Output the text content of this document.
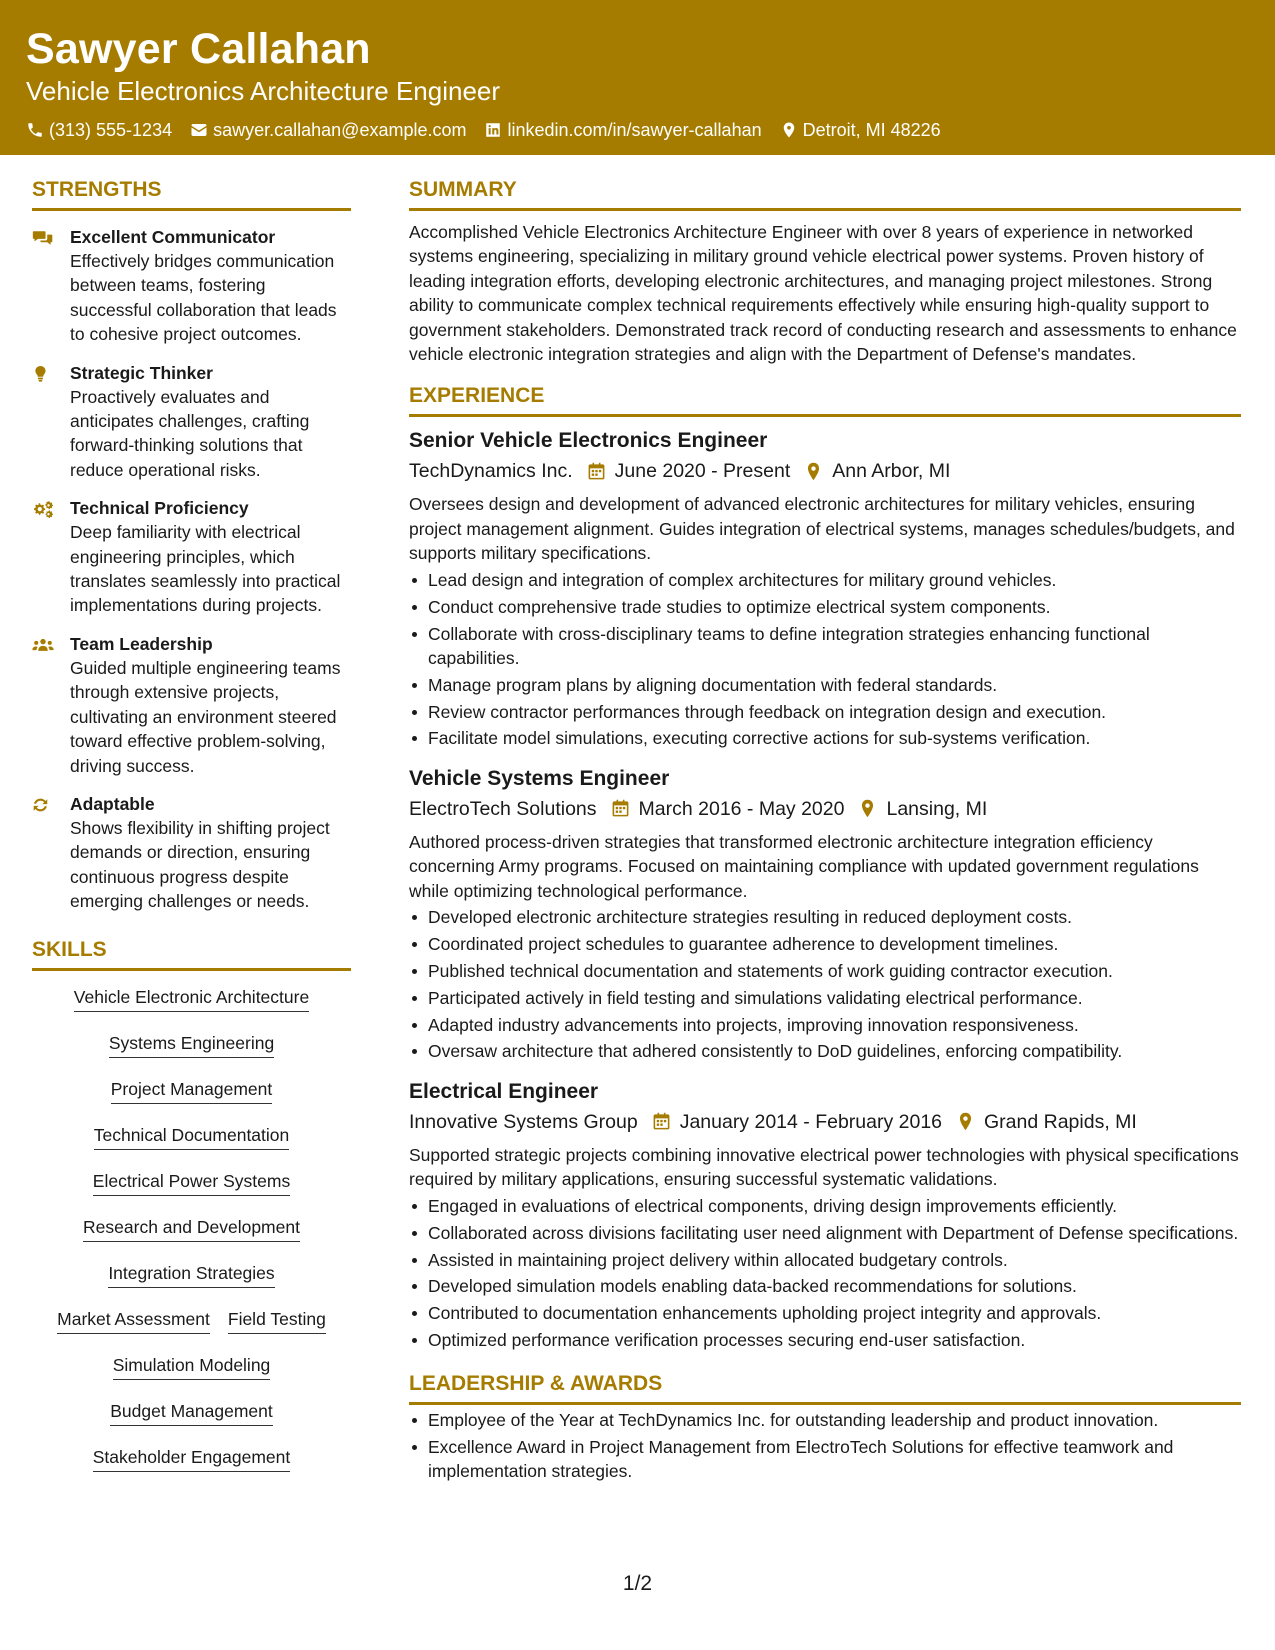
Sawyer Callahan
Vehicle Electronics Architecture Engineer
(313) 555-1234 sawyer.callahan@example.com linkedin.com/in/sawyer-callahan Detroit, MI 48226
STRENGTHS
Excellent Communicator
Effectively bridges communication between teams, fostering successful collaboration that leads to cohesive project outcomes.
Strategic Thinker
Proactively evaluates and anticipates challenges, crafting forward-thinking solutions that reduce operational risks.
Technical Proficiency
Deep familiarity with electrical engineering principles, which translates seamlessly into practical implementations during projects.
Team Leadership
Guided multiple engineering teams through extensive projects, cultivating an environment steered toward effective problem-solving, driving success.
Adaptable
Shows flexibility in shifting project demands or direction, ensuring continuous progress despite emerging challenges or needs.
SKILLS
Vehicle Electronic Architecture
Systems Engineering
Project Management
Technical Documentation
Electrical Power Systems
Research and Development
Integration Strategies
Market Assessment Field Testing
Simulation Modeling
Budget Management
Stakeholder Engagement
SUMMARY
Accomplished Vehicle Electronics Architecture Engineer with over 8 years of experience in networked systems engineering, specializing in military ground vehicle electrical power systems. Proven history of leading integration efforts, developing electronic architectures, and managing project milestones. Strong ability to communicate complex technical requirements effectively while ensuring high-quality support to government stakeholders. Demonstrated track record of conducting research and assessments to enhance vehicle electronic integration strategies and align with the Department of Defense's mandates.
EXPERIENCE
Senior Vehicle Electronics Engineer
TechDynamics Inc. June 2020 - Present Ann Arbor, MI
Oversees design and development of advanced electronic architectures for military vehicles, ensuring project management alignment. Guides integration of electrical systems, manages schedules/budgets, and supports military specifications.
Lead design and integration of complex architectures for military ground vehicles.
Conduct comprehensive trade studies to optimize electrical system components.
Collaborate with cross-disciplinary teams to define integration strategies enhancing functional capabilities.
Manage program plans by aligning documentation with federal standards.
Review contractor performances through feedback on integration design and execution.
Facilitate model simulations, executing corrective actions for sub-systems verification.
Vehicle Systems Engineer
ElectroTech Solutions March 2016 - May 2020 Lansing, MI
Authored process-driven strategies that transformed electronic architecture integration efficiency concerning Army programs. Focused on maintaining compliance with updated government regulations while optimizing technological performance.
Developed electronic architecture strategies resulting in reduced deployment costs.
Coordinated project schedules to guarantee adherence to development timelines.
Published technical documentation and statements of work guiding contractor execution.
Participated actively in field testing and simulations validating electrical performance.
Adapted industry advancements into projects, improving innovation responsiveness.
Oversaw architecture that adhered consistently to DoD guidelines, enforcing compatibility.
Electrical Engineer
Innovative Systems Group January 2014 - February 2016 Grand Rapids, MI
Supported strategic projects combining innovative electrical power technologies with physical specifications required by military applications, ensuring successful systematic validations.
Engaged in evaluations of electrical components, driving design improvements efficiently.
Collaborated across divisions facilitating user need alignment with Department of Defense specifications.
Assisted in maintaining project delivery within allocated budgetary controls.
Developed simulation models enabling data-backed recommendations for solutions.
Contributed to documentation enhancements upholding project integrity and approvals.
Optimized performance verification processes securing end-user satisfaction.
LEADERSHIP & AWARDS
Employee of the Year at TechDynamics Inc. for outstanding leadership and product innovation.
Excellence Award in Project Management from ElectroTech Solutions for effective teamwork and implementation strategies.
1/2
